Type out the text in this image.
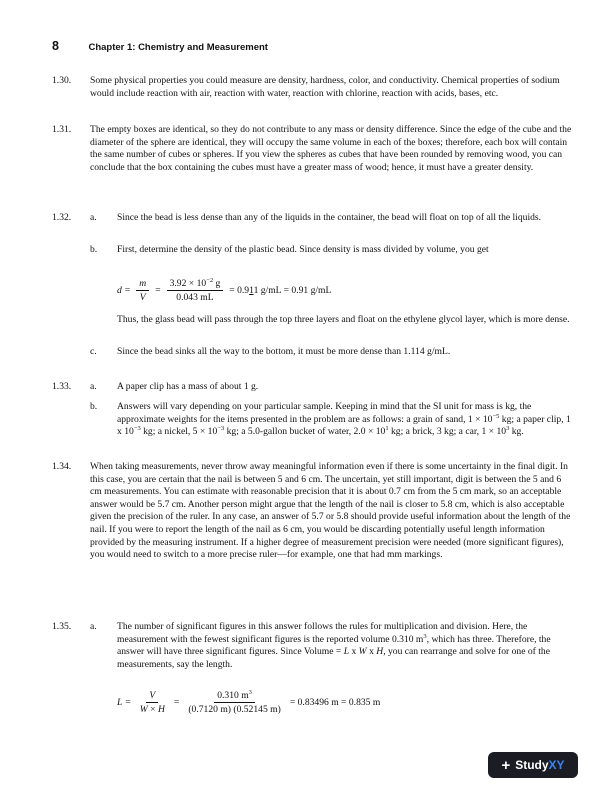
8	Chapter 1: Chemistry and Measurement
1.30. Some physical properties you could measure are density, hardness, color, and conductivity. Chemical properties of sodium would include reaction with air, reaction with water, reaction with chlorine, reaction with acids, bases, etc.
1.31. The empty boxes are identical, so they do not contribute to any mass or density difference. Since the edge of the cube and the diameter of the sphere are identical, they will occupy the same volume in each of the boxes; therefore, each box will contain the same number of cubes or spheres. If you view the spheres as cubes that have been rounded by removing wood, you can conclude that the box containing the cubes must have a greater mass of wood; hence, it must have a greater density.
1.32. a. Since the bead is less dense than any of the liquids in the container, the bead will float on top of all the liquids.
b. First, determine the density of the plastic bead. Since density is mass divided by volume, you get
$d = \frac{m}{V} = \frac{3.92 \times 10^{-2} g}{0.043 mL} = 0.911$ g/mL = 0.91 g/mL
Thus, the glass bead will pass through the top three layers and float on the ethylene glycol layer, which is more dense.
c. Since the bead sinks all the way to the bottom, it must be more dense than 1.114 g/mL.
1.33. a. A paper clip has a mass of about 1 g.
b. Answers will vary depending on your particular sample. Keeping in mind that the SI unit for mass is kg, the approximate weights for the items presented in the problem are as follows: a grain of sand, $1 \times 10^{-5}$ kg; a paper clip, 1 x $10^{-3}$ kg; a nickel, $5 \times 10^{-3}$ kg; a 5.0-gallon bucket of water, $2.0 \times 10^1$ kg; a brick, 3 kg; a car, $1 \times 10^3$ kg.
1.34. When taking measurements, never throw away meaningful information even if there is some uncertainty in the final digit. In this case, you are certain that the nail is between 5 and 6 cm. The uncertain, yet still important, digit is between the 5 and 6 cm measurements. You can estimate with reasonable precision that it is about 0.7 cm from the 5 cm mark, so an acceptable answer would be 5.7 cm. Another person might argue that the length of the nail is closer to 5.8 cm, which is also acceptable given the precision of the ruler. In any case, an answer of 5.7 or 5.8 should provide useful information about the length of the nail. If you were to report the length of the nail as 6 cm, you would be discarding potentially useful length information provided by the measuring instrument. If a higher degree of measurement precision were needed (more significant figures), you would need to switch to a more precise ruler—for example, one that had mm markings.
1.35. a. The number of significant figures in this answer follows the rules for multiplication and division. Here, the measurement with the fewest significant figures is the reported volume 0.310 $m^3$, which has three. Therefore, the answer will have three significant figures. Since Volume = L x W x H, you can rearrange and solve for one of the measurements, say the length.
$L = \frac{V}{W \times H} = \frac{0.310 m^3}{(0.7120 m) (0.52145 m)} = 0.83496$ m = 0.835 m
+ StudyXY
